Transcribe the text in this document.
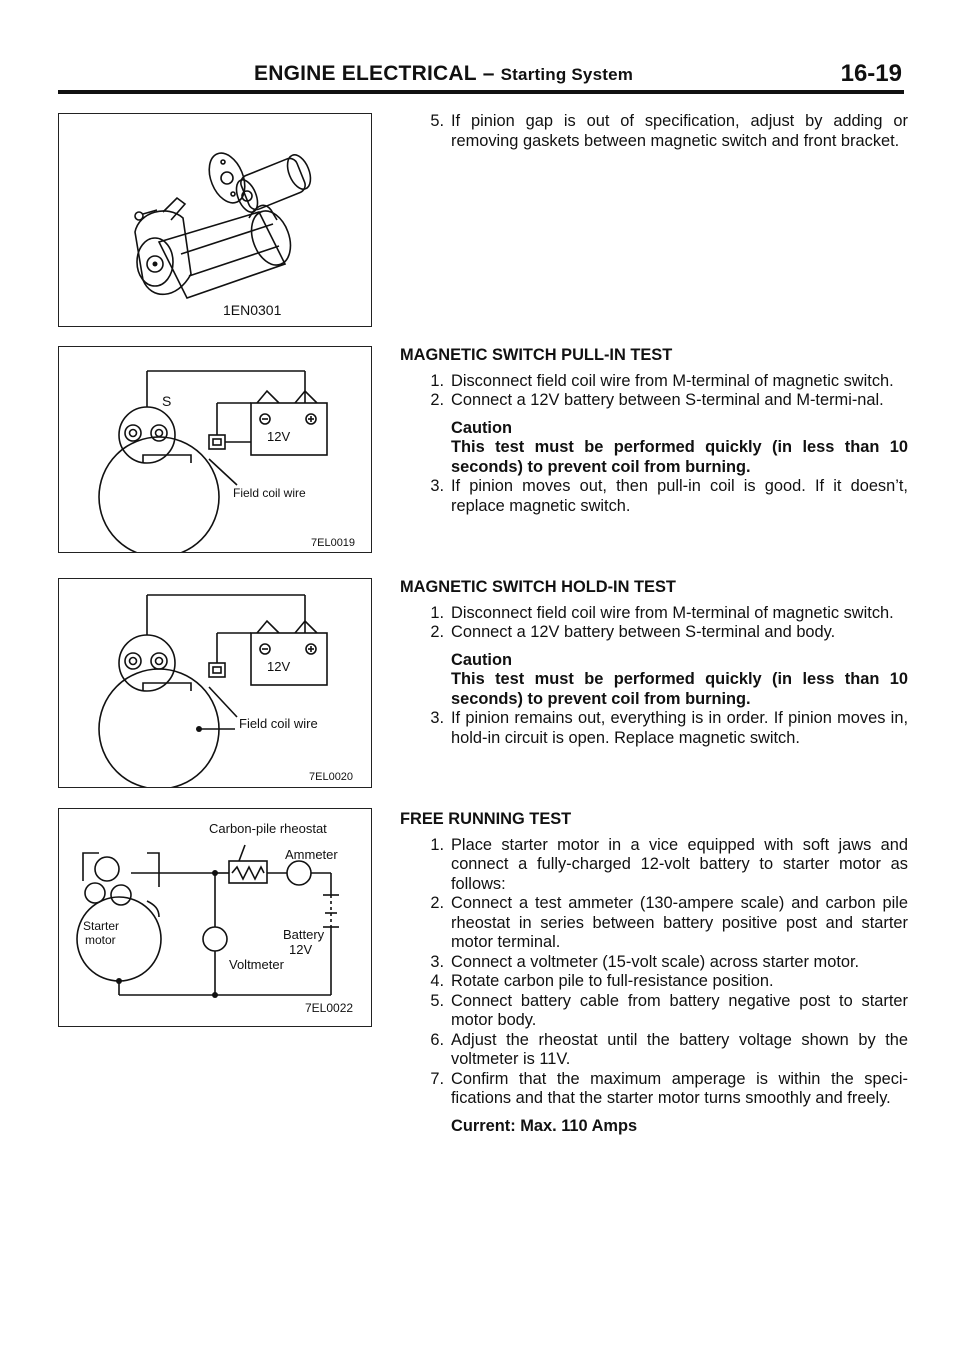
ENGINE ELECTRICAL – Starting System	16-19
1EN0301
S
12V
Field coil wire
7EL0019
12V
Field coil wire
7EL0020
Carbon-pile rheostat
Ammeter
Starter
motor	Battery
12V
Voltmeter
7EL0022
5. If pinion gap is out of specification, adjust by adding or removing gaskets between magnetic switch and front bracket.
MAGNETIC SWITCH PULL-IN TEST
1. Disconnect field coil wire from M-terminal of magnetic switch.
2. Connect a 12V battery between S-terminal and M-termi-nal.
Caution
This test must be performed quickly (in less than 10 seconds) to prevent coil from burning.
3. If pinion moves out, then pull-in coil is good. If it doesn’t, replace magnetic switch.
MAGNETIC SWITCH HOLD-IN TEST
1. Disconnect field coil wire from M-terminal of magnetic switch.
2. Connect a 12V battery between S-terminal and body.
Caution
This test must be performed quickly (in less than 10 seconds) to prevent coil from burning.
3. If pinion remains out, everything is in order. If pinion moves in, hold-in circuit is open. Replace magnetic switch.
FREE RUNNING TEST
1. Place starter motor in a vice equipped with soft jaws and connect a fully-charged 12-volt battery to starter motor as follows:
2. Connect a test ammeter (130-ampere scale) and carbon pile rheostat in series between battery positive post and starter motor terminal.
3. Connect a voltmeter (15-volt scale) across starter motor.
4. Rotate carbon pile to full-resistance position.
5. Connect battery cable from battery negative post to starter motor body.
6. Adjust the rheostat until the battery voltage shown by the voltmeter is 11V.
7. Confirm that the maximum amperage is within the speci-fications and that the starter motor turns smoothly and freely.
Current: Max. 110 Amps
